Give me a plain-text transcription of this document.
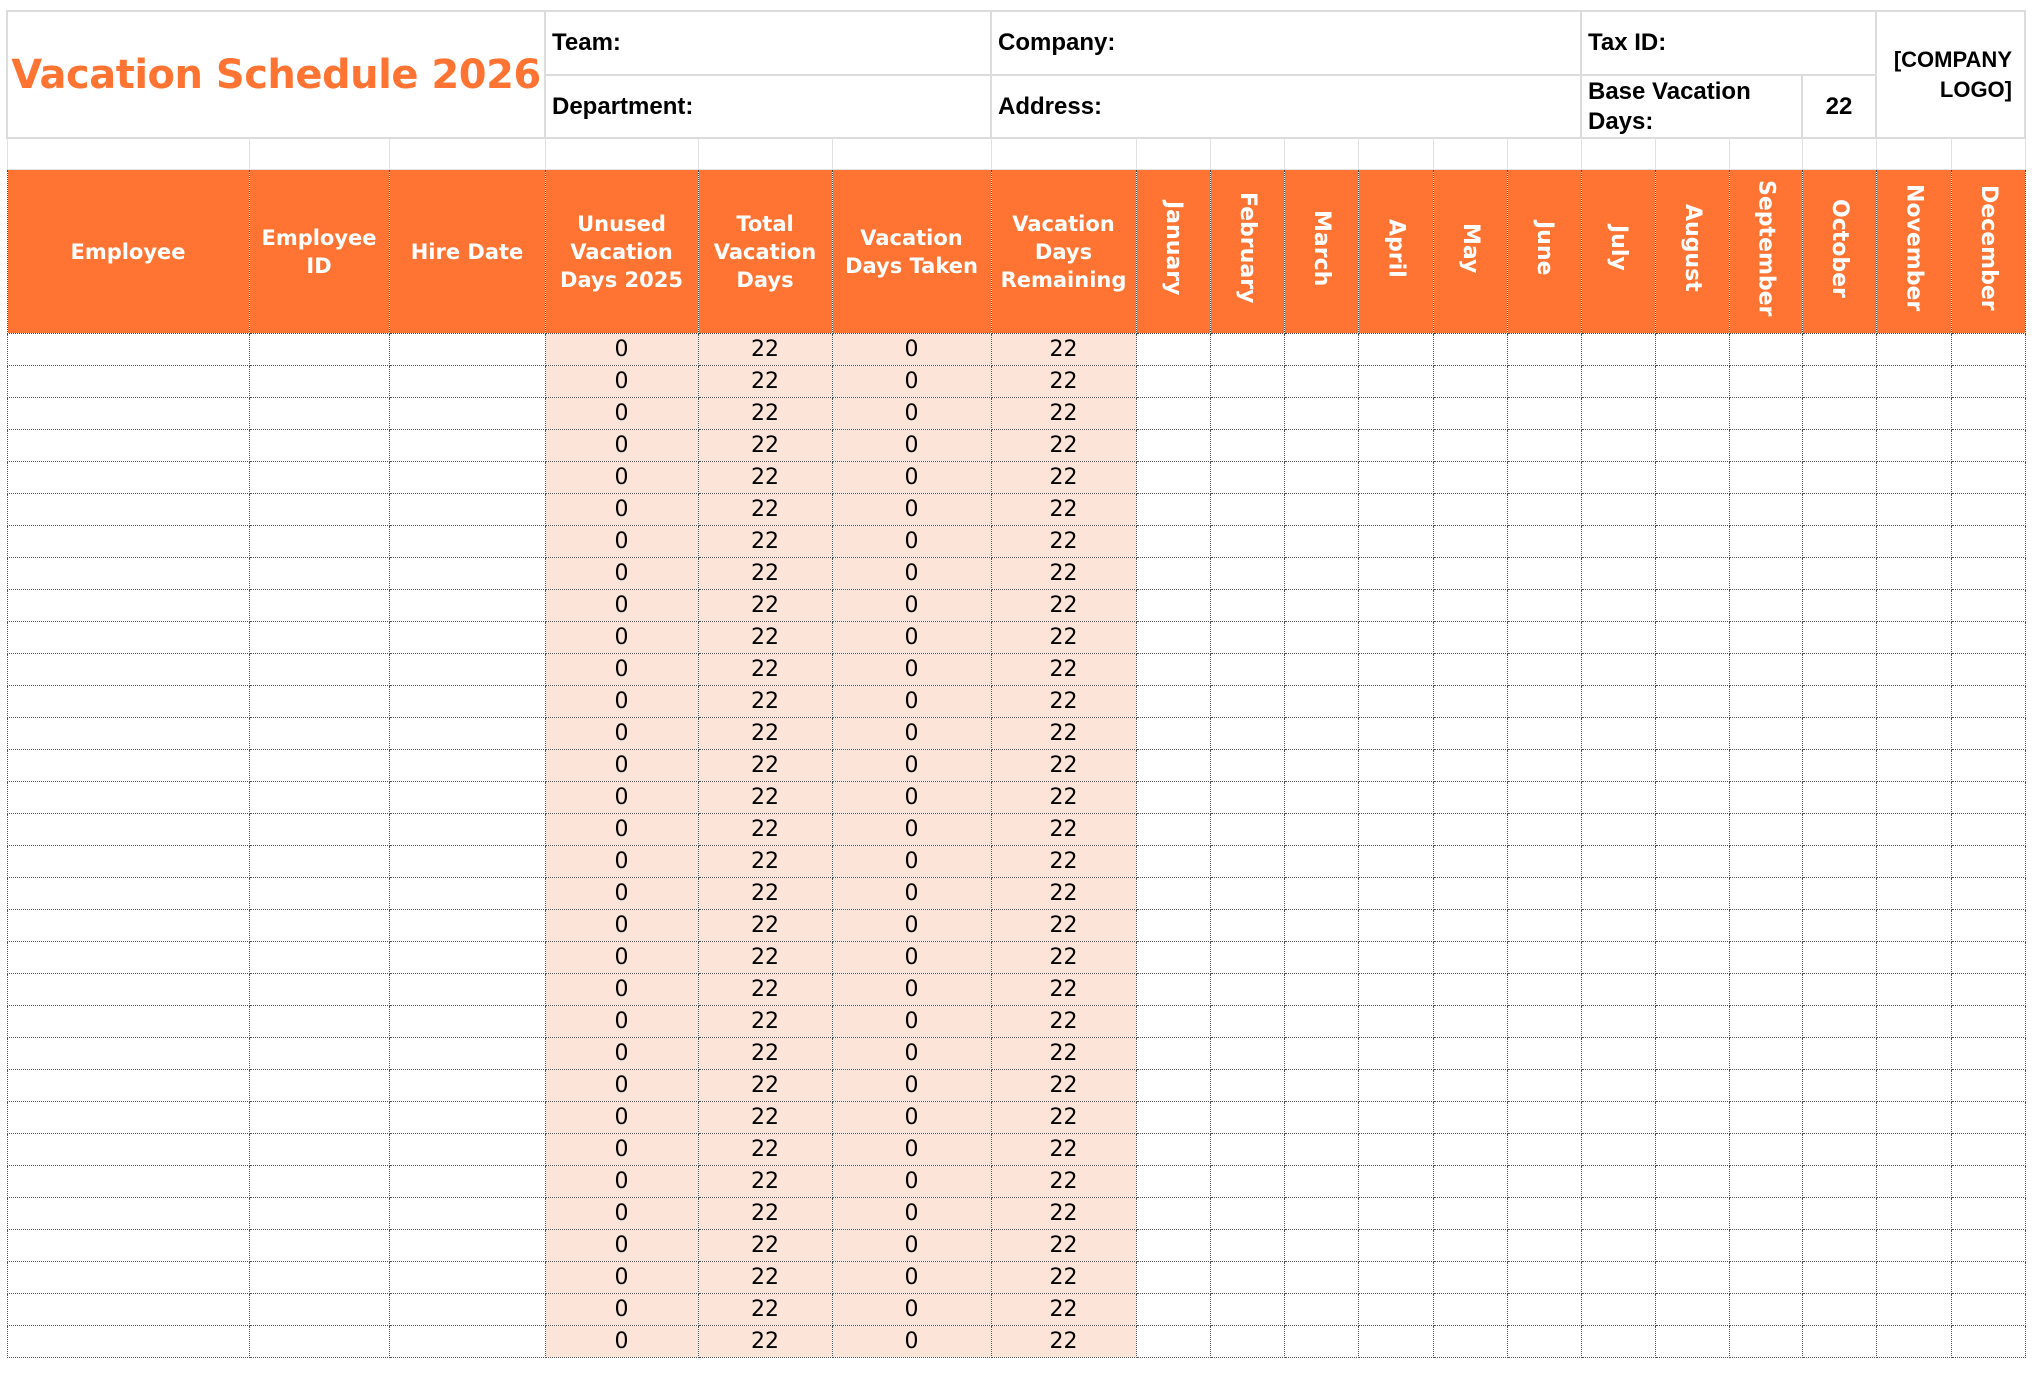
Vacation Schedule 2026			Team:			Company:							Tax ID:				[COMPANY LOGO]	
			Department:			Address:							Base Vacation Days:			22		

Employee	Employee ID	Hire Date	Unused Vacation Days 2025	Total Vacation Days	Vacation Days Taken	Vacation Days Remaining	January	February	March	April	May	June	July	August	September	October	November	December
			0	22	0	22												
			0	22	0	22												
			0	22	0	22												
			0	22	0	22												
			0	22	0	22												
			0	22	0	22												
			0	22	0	22												
			0	22	0	22												
			0	22	0	22												
			0	22	0	22												
			0	22	0	22												
			0	22	0	22												
			0	22	0	22												
			0	22	0	22												
			0	22	0	22												
			0	22	0	22												
			0	22	0	22												
			0	22	0	22												
			0	22	0	22												
			0	22	0	22												
			0	22	0	22												
			0	22	0	22												
			0	22	0	22												
			0	22	0	22												
			0	22	0	22												
			0	22	0	22												
			0	22	0	22												
			0	22	0	22												
			0	22	0	22												
			0	22	0	22												
			0	22	0	22												
			0	22	0	22												
